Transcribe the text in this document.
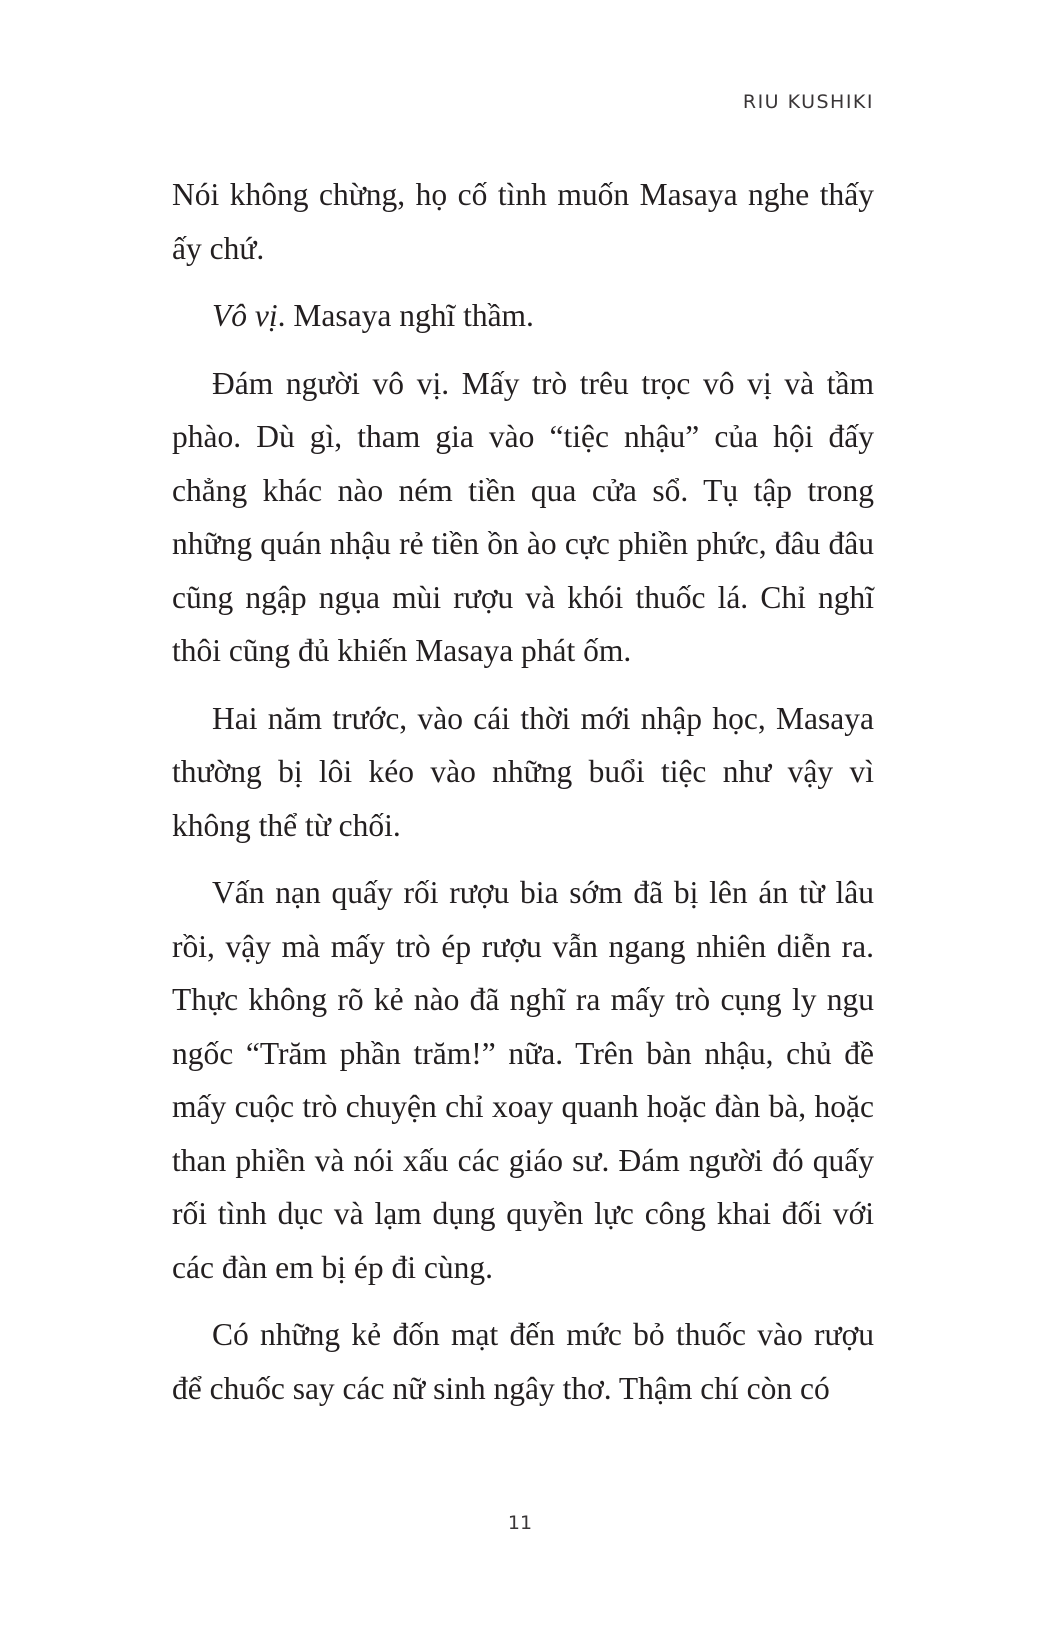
RIU KUSHIKI

Nói không chừng, họ cố tình muốn Masaya nghe thấy ấy chứ.

Vô vị. Masaya nghĩ thầm.

Đám người vô vị. Mấy trò trêu trọc vô vị và tầm phào. Dù gì, tham gia vào “tiệc nhậu” của hội đấy chẳng khác nào ném tiền qua cửa sổ. Tụ tập trong những quán nhậu rẻ tiền ồn ào cực phiền phức, đâu đâu cũng ngập ngụa mùi rượu và khói thuốc lá. Chỉ nghĩ thôi cũng đủ khiến Masaya phát ốm.

Hai năm trước, vào cái thời mới nhập học, Masaya thường bị lôi kéo vào những buổi tiệc như vậy vì không thể từ chối.

Vấn nạn quấy rối rượu bia sớm đã bị lên án từ lâu rồi, vậy mà mấy trò ép rượu vẫn ngang nhiên diễn ra. Thực không rõ kẻ nào đã nghĩ ra mấy trò cụng ly ngu ngốc “Trăm phần trăm!” nữa. Trên bàn nhậu, chủ đề mấy cuộc trò chuyện chỉ xoay quanh hoặc đàn bà, hoặc than phiền và nói xấu các giáo sư. Đám người đó quấy rối tình dục và lạm dụng quyền lực công khai đối với các đàn em bị ép đi cùng.

Có những kẻ đốn mạt đến mức bỏ thuốc vào rượu để chuốc say các nữ sinh ngây thơ. Thậm chí còn có

11
